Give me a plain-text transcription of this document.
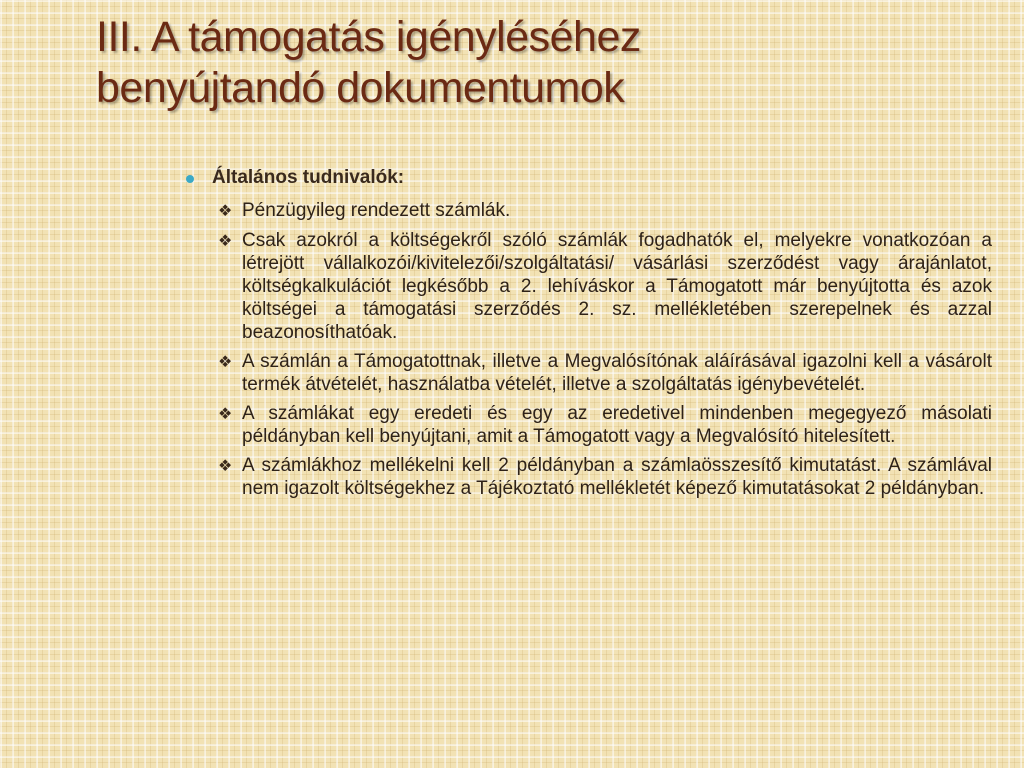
III. A támogatás igényléséhez
benyújtandó dokumentumok
Általános tudnivalók:
❖ Pénzügyileg rendezett számlák.
❖ Csak azokról a költségekről szóló számlák fogadhatók el, melyekre vonatkozóan a létrejött vállalkozói/kivitelezői/szolgáltatási/ vásárlási szerződést vagy árajánlatot, költségkalkulációt legkésőbb a 2. lehíváskor a Támogatott már benyújtotta és azok költségei a támogatási szerződés 2. sz. mellékletében szerepelnek és azzal beazonosíthatóak.
❖ A számlán a Támogatottnak, illetve a Megvalósítónak aláírásával igazolni kell a vásárolt termék átvételét, használatba vételét, illetve a szolgáltatás igénybevételét.
❖ A számlákat egy eredeti és egy az eredetivel mindenben megegyező másolati példányban kell benyújtani, amit a Támogatott vagy a Megvalósító hitelesített.
❖ A számlákhoz mellékelni kell 2 példányban a számlaösszesítő kimutatást. A számlával nem igazolt költségekhez a Tájékoztató mellékletét képező kimutatásokat 2 példányban.
